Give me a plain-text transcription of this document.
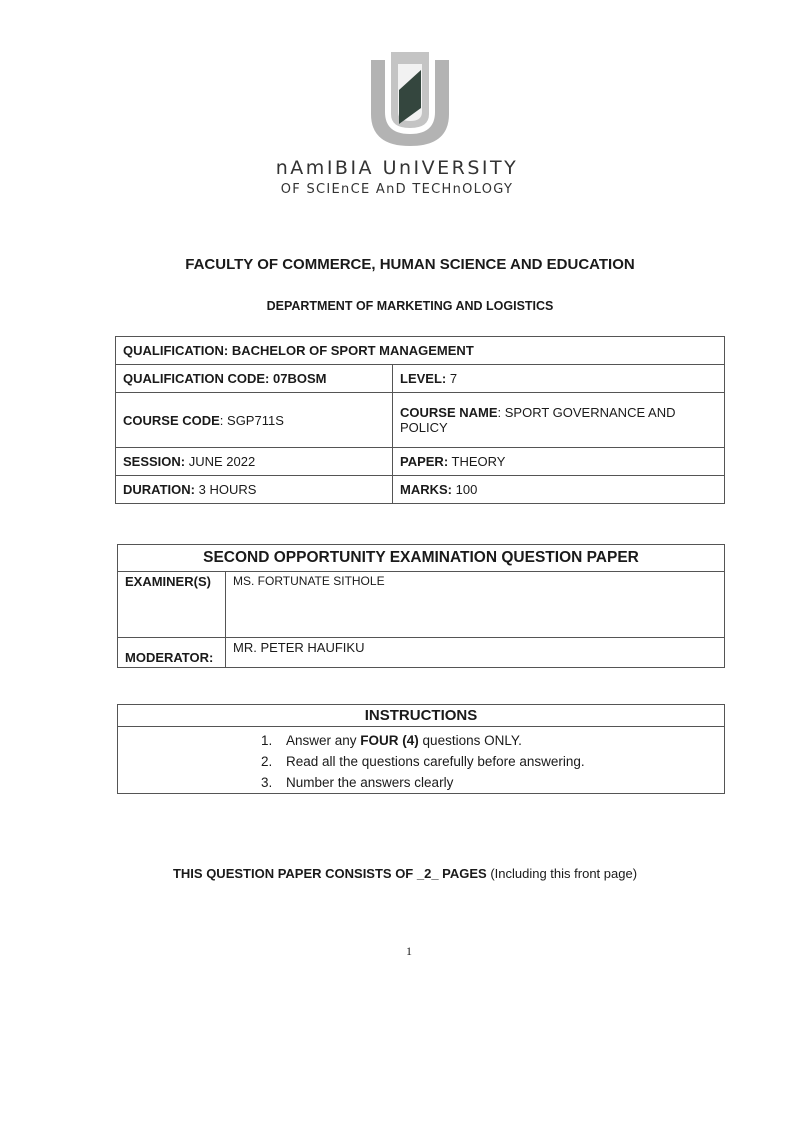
nAmIBIA UnIVERSITY
OF SCIEnCE AnD TECHnOLOGY
FACULTY OF COMMERCE, HUMAN SCIENCE AND EDUCATION
DEPARTMENT OF MARKETING AND LOGISTICS
QUALIFICATION: BACHELOR OF SPORT MANAGEMENT	
QUALIFICATION CODE: 07BOSM	LEVEL: 7
COURSE CODE: SGP711S	COURSE NAME: SPORT GOVERNANCE AND POLICY
SESSION: JUNE 2022	PAPER: THEORY
DURATION: 3 HOURS	MARKS: 100
SECOND OPPORTUNITY EXAMINATION QUESTION PAPER	
EXAMINER(S)	MS. FORTUNATE SITHOLE
MODERATOR:	MR. PETER HAUFIKU
INSTRUCTIONS

1. Answer any FOUR (4) questions ONLY.
2. Read all the questions carefully before answering.
3. Number the answers clearly
THIS QUESTION PAPER CONSISTS OF _2_ PAGES (Including this front page)
1
